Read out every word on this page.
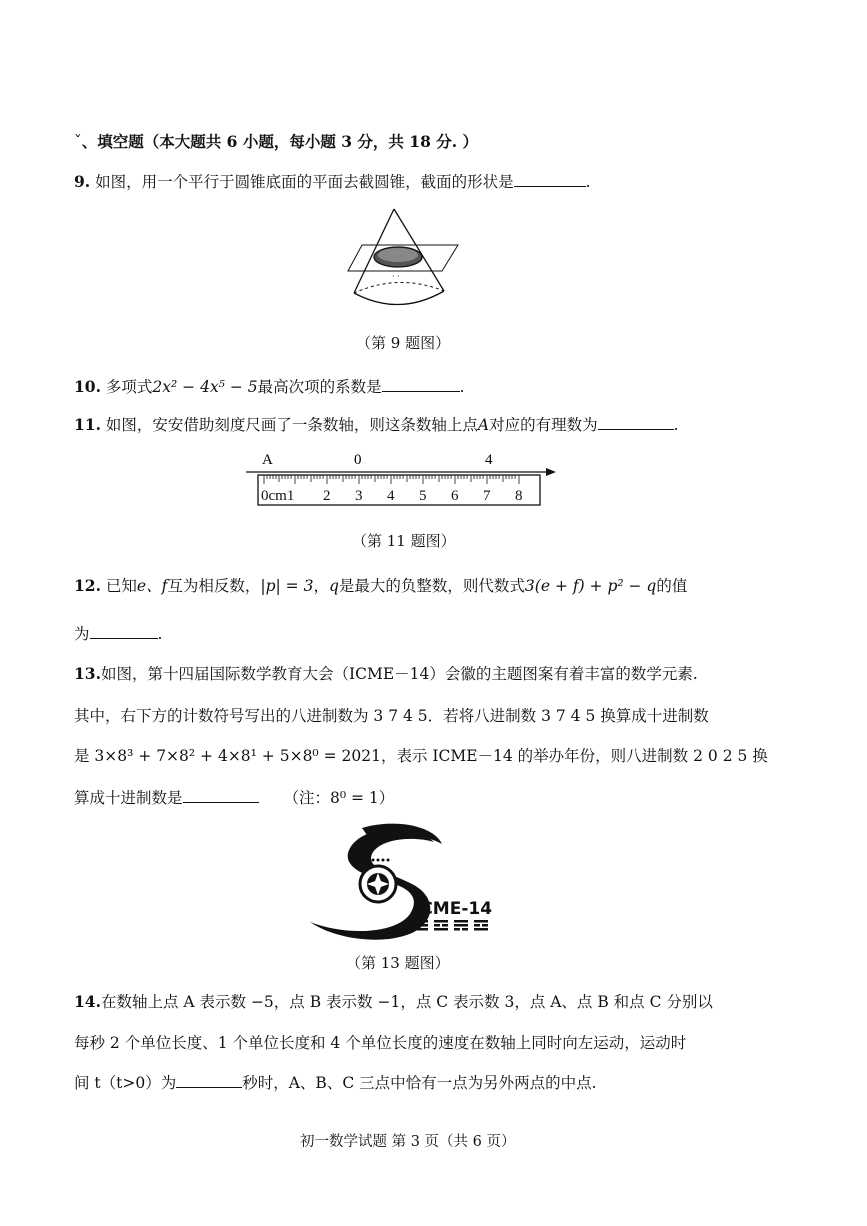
ˇ、填空题（本大题共 6 小题，每小题 3 分，共 18 分. ）
9. 如图，用一个平行于圆锥底面的平面去截圆锥，截面的形状是	.
· ·
（第 9 题图）
10. 多项式2x² − 4x⁵ − 5最高次项的系数是	.
11. 如图，安安借助刻度尺画了一条数轴，则这条数轴上点A对应的有理数为	.
A	0	4
0cm1 2 3 4 5 6 7 8
（第 11 题图）
12. 已知e、f互为相反数，|p| = 3，q是最大的负整数，则代数式3(e + f) + p² − q的值
为	.
13.如图，第十四届国际数学教育大会（ICME－14）会徽的主题图案有着丰富的数学元素.
其中，右下方的计数符号写出的八进制数为 3 7 4 5．若将八进制数 3 7 4 5 换算成十进制数
是 3×8³ + 7×8² + 4×8¹ + 5×8⁰ = 2021，表示 ICME－14 的举办年份，则八进制数 2 0 2 5 换
算成十进制数是	（注：8⁰ = 1）
ICME-14
（第 13 题图）
14.在数轴上点 A 表示数 −5，点 B 表示数 −1，点 C 表示数 3，点 A、点 B 和点 C 分别以
每秒 2 个单位长度、1 个单位长度和 4 个单位长度的速度在数轴上同时向左运动，运动时
间 t（t>0）为	秒时，A、B、C 三点中恰有一点为另外两点的中点.
初一数学试题 第 3 页（共 6 页）
